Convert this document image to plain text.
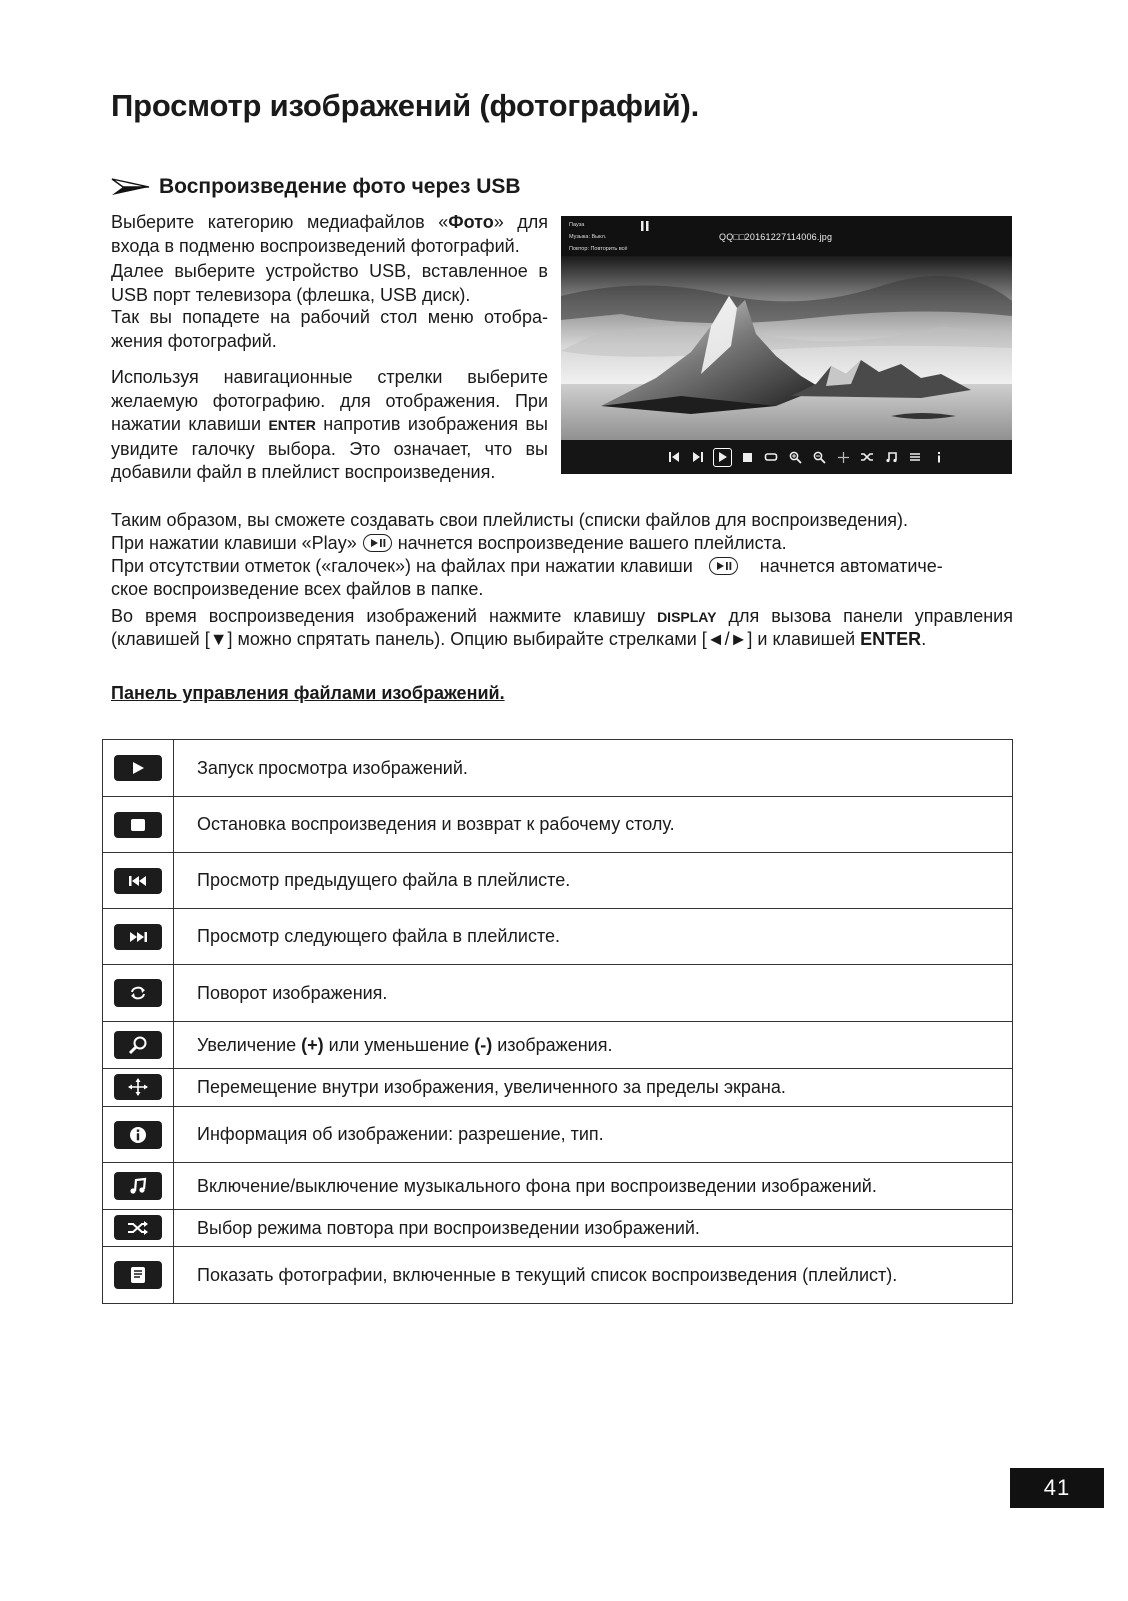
Просмотр изображений (фотографий).
Воспроизведение фото через USB

Выберите категорию медиафайлов «Фото» для входа в подменю воспроизведений фотографий.

Далее выберите устройство USB, вставленное в USB порт телевизора (флешка, USB диск).

Так вы попадете на рабочий стол меню отобра- жения фотографий.

Используя навигационные стрелки выберите желаемую фотографию. для отображения. При нажатии клавиши ENTER напротив изображения вы увидите галочку выбора. Это означает, что вы добавили файл в плейлист воспроизведения.

Пауза
Музыка: Выкл.
Повтор: Повторить всё
QQ□□20161227114006.jpg

Таким образом, вы сможете создавать свои плейлисты (списки файлов для воспроизведения).

При нажатии клавиши «Play» начнется воспроизведение вашего плейлиста.

При отсутствии отметок («галочек») на файлах при нажатии клавиши	начнется автоматиче-

ское воспроизведение всех файлов в папке.

Во время воспроизведения изображений нажмите клавишу DISPLAY для вызова панели управления

(клавишей [▼] можно спрятать панель). Опцию выбирайте стрелками [◄/►] и клавишей ENTER.

Панель управления файлами изображений.

	Запуск просмотра изображений.

	Остановка воспроизведения и возврат к рабочему столу.

	Просмотр предыдущего файла в плейлисте.

	Просмотр следующего файла в плейлисте.

	Поворот изображения.

	Увеличение (+) или уменьшение (-) изображения.

	Перемещение внутри изображения, увеличенного за пределы экрана.

	Информация об изображении: разрешение, тип.

	Включение/выключение музыкального фона при воспроизведении изображений.

	Выбор режима повтора при воспроизведении изображений.

	Показать фотографии, включенные в текущий список воспроизведения (плейлист).
41
